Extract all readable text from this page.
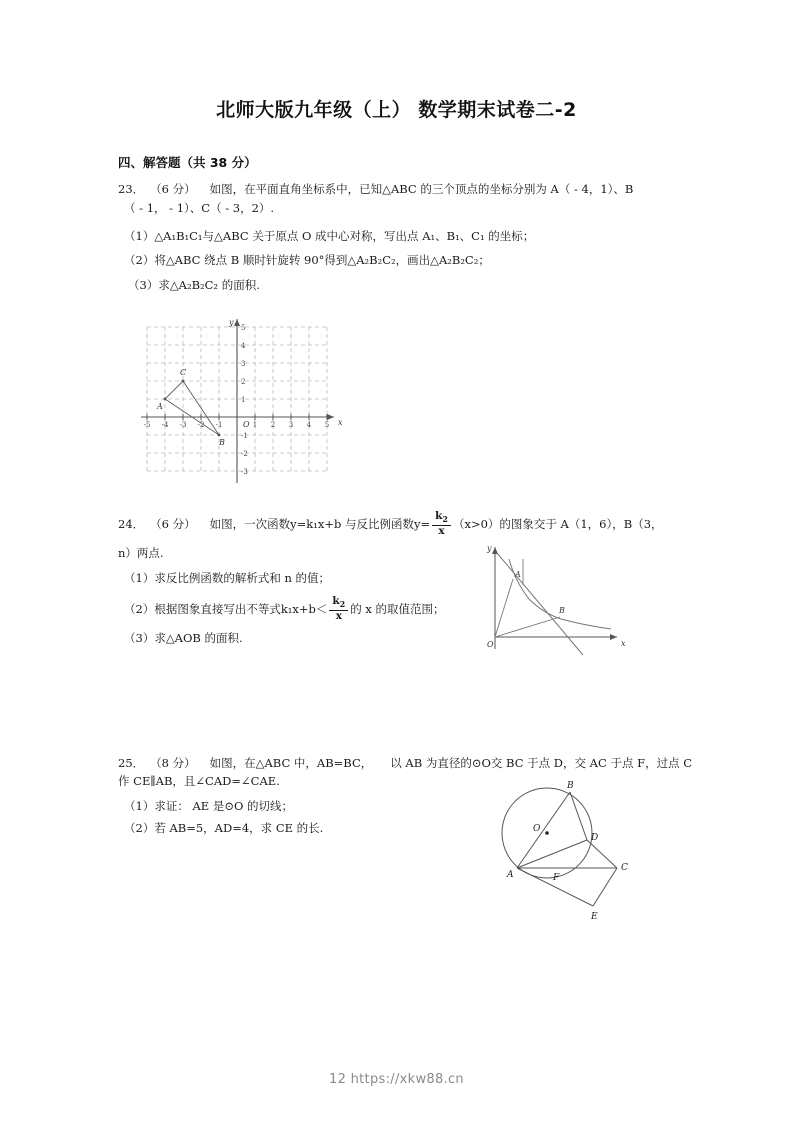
北师大版九年级（上） 数学期末试卷二-2
四、解答题（共 38 分）
23． （6 分） 如图，在平面直角坐标系中，已知△ABC 的三个顶点的坐标分别为 A（ - 4，1）、B
（ - 1， - 1）、C（ - 3，2）.
（1）△A₁B₁C₁与△ABC 关于原点 O 成中心对称，写出点 A₁、B₁、C₁ 的坐标；
（2）将△ABC 绕点 B 顺时针旋转 90°得到△A₂B₂C₂，画出△A₂B₂C₂；
（3）求△A₂B₂C₂ 的面积.
-5 -4 -3 -2 -1	1 2 3 4 5
5
4
3
2
1
-1
-2
-3
O	x
y
A
B
C
24． （6 分） 如图，一次函数y=k₁x+b 与反比例函数$y= \frac{k_2}{x} (x>0)$的图象交于 A（1，6），B（3，
n）两点.
（1）求反比例函数的解析式和 n 的值；
（2）根据图象直接写出不等式$k_1x+b< \frac{k_2}{x}$ 的 x 的取值范围；
（3）求△AOB 的面积.
y
x
O
A
B
25． （8 分） 如图，在△ABC 中，AB=BC， 以 AB 为直径的⊙O交 BC 于点 D，交 AC 于点 F，过点 C
作 CE∥AB，且∠CAD=∠CAE.
（1）求证： AE 是⊙O 的切线；
（2）若 AB=5，AD=4，求 CE 的长.	O
B
D
A	F
C
E
12 https://xkw88.cn
